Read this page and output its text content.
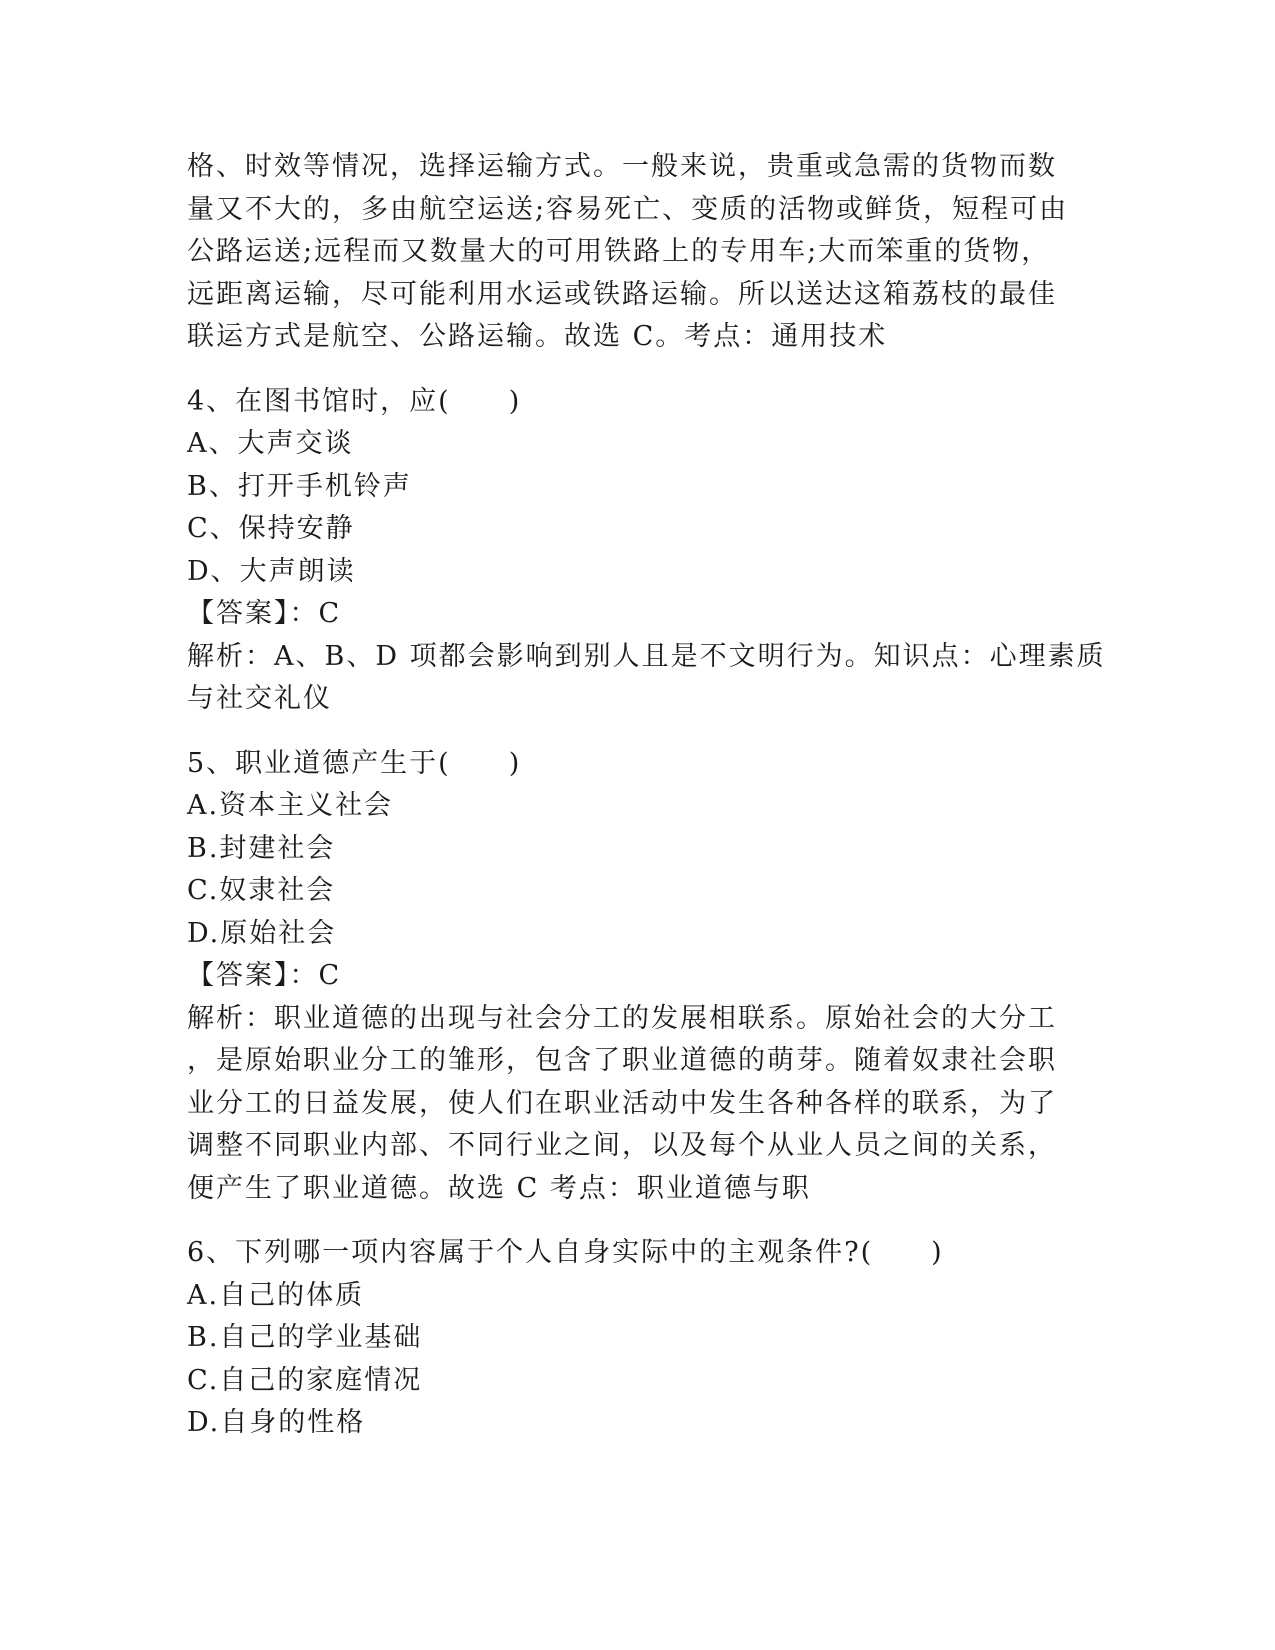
格、时效等情况，选择运输方式。一般来说，贵重或急需的货物而数
量又不大的，多由航空运送;容易死亡、变质的活物或鲜货，短程可由
公路运送;远程而又数量大的可用铁路上的专用车;大而笨重的货物，
远距离运输，尽可能利用水运或铁路运输。所以送达这箱荔枝的最佳
联运方式是航空、公路运输。故选 C。考点：通用技术
4、在图书馆时，应(　　)
A、大声交谈
B、打开手机铃声
C、保持安静
D、大声朗读
【答案】：C
解析：A、B、D 项都会影响到别人且是不文明行为。知识点：心理素质
与社交礼仪
5、职业道德产生于(　　)
A.资本主义社会
B.封建社会
C.奴隶社会
D.原始社会
【答案】：C
解析：职业道德的出现与社会分工的发展相联系。原始社会的大分工
，是原始职业分工的雏形，包含了职业道德的萌芽。随着奴隶社会职
业分工的日益发展，使人们在职业活动中发生各种各样的联系，为了
调整不同职业内部、不同行业之间，以及每个从业人员之间的关系，
便产生了职业道德。故选 C 考点：职业道德与职
6、下列哪一项内容属于个人自身实际中的主观条件?(　　)
A.自己的体质
B.自己的学业基础
C.自己的家庭情况
D.自身的性格
